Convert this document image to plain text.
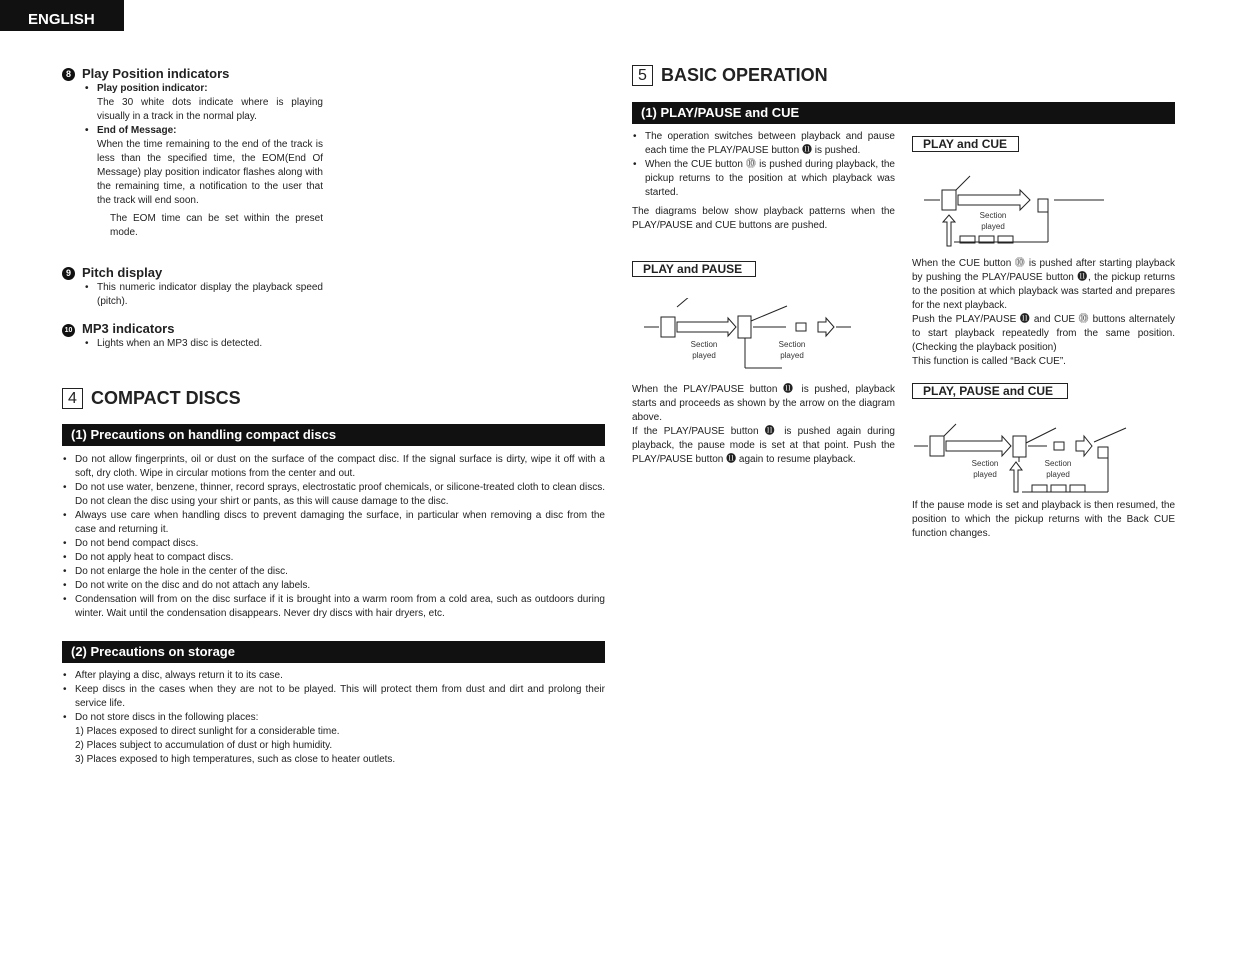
ENGLISH
8 Play Position indicators
• Play position indicator:
The 30 white dots indicate where is playing visually in a track in the normal play.
• End of Message:
When the time remaining to the end of the track is less than the specified time, the EOM(End Of Message) play position indicator flashes along with the remaining time, a notification to the user that the track will end soon.
The EOM time can be set within the preset mode.
9 Pitch display
• This numeric indicator display the playback speed (pitch).
10 MP3 indicators
• Lights when an MP3 disc is detected.
4 COMPACT DISCS
(1) Precautions on handling compact discs
• Do not allow fingerprints, oil or dust on the surface of the compact disc. If the signal surface is dirty, wipe it off with a soft, dry cloth. Wipe in circular motions from the center and out.
• Do not use water, benzene, thinner, record sprays, electrostatic proof chemicals, or silicone-treated cloth to clean discs. Do not clean the disc using your shirt or pants, as this will cause damage to the disc.
• Always use care when handling discs to prevent damaging the surface, in particular when removing a disc from the case and returning it.
• Do not bend compact discs.
• Do not apply heat to compact discs.
• Do not enlarge the hole in the center of the disc.
• Do not write on the disc and do not attach any labels.
• Condensation will from on the disc surface if it is brought into a warm room from a cold area, such as outdoors during winter. Wait until the condensation disappears. Never dry discs with hair dryers, etc.
(2) Precautions on storage
• After playing a disc, always return it to its case.
• Keep discs in the cases when they are not to be played. This will protect them from dust and dirt and prolong their service life.
• Do not store discs in the following places:
1) Places exposed to direct sunlight for a considerable time.
2) Places subject to accumulation of dust or high humidity.
3) Places exposed to high temperatures, such as close to heater outlets.
5 BASIC OPERATION
(1) PLAY/PAUSE and CUE
• The operation switches between playback and pause each time the PLAY/PAUSE button ⓫ is pushed.
• When the CUE button ⓾ is pushed during playback, the pickup returns to the position at which playback was started.
The diagrams below show playback patterns when the PLAY/PAUSE and CUE buttons are pushed.
PLAY and PAUSE
Section
played
Section
played
When the PLAY/PAUSE button ⓫ is pushed, playback starts and proceeds as shown by the arrow on the diagram above.
If the PLAY/PAUSE button ⓫ is pushed again during playback, the pause mode is set at that point. Push the PLAY/PAUSE button ⓫ again to resume playback.
PLAY and CUE
Section
played
When the CUE button ⓾ is pushed after starting playback by pushing the PLAY/PAUSE button ⓫, the pickup returns to the position at which playback was started and prepares for the next playback.
Push the PLAY/PAUSE ⓫ and CUE ⓾ buttons alternately to start playback repeatedly from the same position. (Checking the playback position)
This function is called “Back CUE”.
PLAY, PAUSE and CUE
Section
played
Section
played
If the pause mode is set and playback is then resumed, the position to which the pickup returns with the Back CUE function changes.
